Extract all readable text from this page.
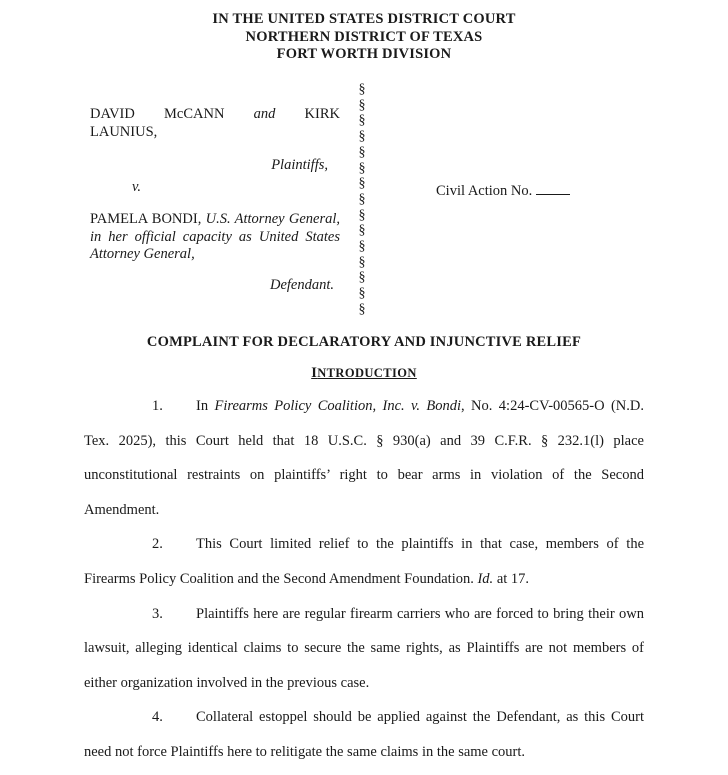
IN THE UNITED STATES DISTRICT COURT
NORTHERN DISTRICT OF TEXAS
FORT WORTH DIVISION
DAVID McCANN and KIRK
LAUNIUS,
Plaintiffs,
v.
PAMELA BONDI, U.S. Attorney General, in her official capacity as United States Attorney General,
Defendant.
§
§
§
§
§
§
§
§
§
§
§
§
§
§
§
Civil Action No.
COMPLAINT FOR DECLARATORY AND INJUNCTIVE RELIEF
INTRODUCTION

1. In Firearms Policy Coalition, Inc. v. Bondi, No. 4:24-CV-00565-O (N.D. Tex. 2025), this Court held that 18 U.S.C. § 930(a) and 39 C.F.R. § 232.1(l) place unconstitutional restraints on plaintiffs’ right to bear arms in violation of the Second Amendment.

2. This Court limited relief to the plaintiffs in that case, members of the Firearms Policy Coalition and the Second Amendment Foundation. Id. at 17.

3. Plaintiffs here are regular firearm carriers who are forced to bring their own lawsuit, alleging identical claims to secure the same rights, as Plaintiffs are not members of either organization involved in the previous case.

4. Collateral estoppel should be applied against the Defendant, as this Court need not force Plaintiffs here to relitigate the same claims in the same court.
